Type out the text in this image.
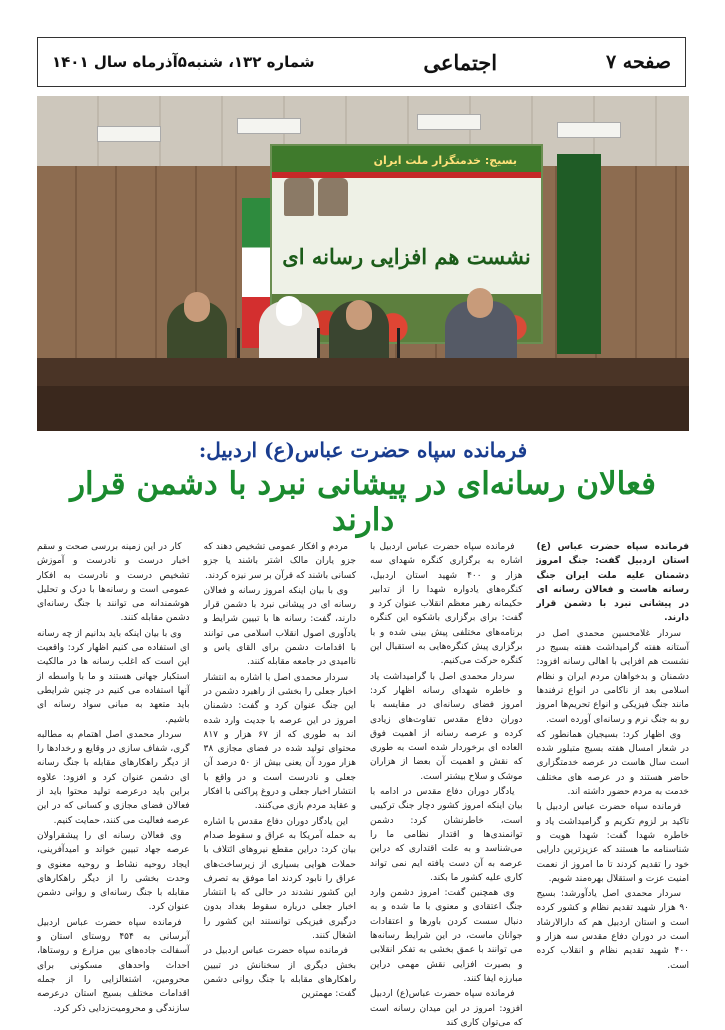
صفحه ۷
اجتماعی
شماره ۱۳۲، شنبه۵آذرماه سال ۱۴۰۱
بسیج: خدمتگزار ملت ایران
نشست هم افزایی رسانه ای
فرمانده سپاه حضرت عباس(ع) اردبیل:
فعالان رسانه‌ای در پیشانی نبرد با دشمن قرار دارند

فرمانده سپاه حضرت عباس (ع) استان اردبیل گفت: جنگ امروز دشمنان علیه ملت ایران جنگ رسانه هاست و فعالان رسانه ای در پیشانی نبرد با دشمن قرار دارند.

سردار غلامحسین محمدی اصل در آستانه هفته گرامیداشت هفته بسیج در نشست هم افزایی با اهالی رسانه افزود: دشمنان و بدخواهان مردم ایران و نظام اسلامی بعد از ناکامی در انواع ترفندها مانند جنگ فیزیکی و انواع تحریم‌ها امروز رو به جنگ نرم و رسانه‌ای آورده است.

وی اظهار کرد: بسیجیان همانطور که در شعار امسال هفته بسیج متبلور شده است سال هاست در عرصه خدمتگزاری حاضر هستند و در عرصه های مختلف خدمت به مردم حضور داشته اند.

فرمانده سپاه حضرت عباس اردبیل با تاکید بر لزوم تکریم و گرامیداشت یاد و خاطره شهدا گفت: شهدا هویت و شناسنامه ما هستند که عزیزترین دارایی خود را تقدیم کردند تا ما امروز از نعمت امنیت عزت و استقلال بهره‌مند شویم.

سردار محمدی اصل یادآورشد: بسیج ۹۰ هزار شهید تقدیم نظام و کشور کرده است و استان اردبیل هم که دارالارشاد است در دوران دفاع مقدس سه هزار و ۴۰۰ شهید تقدیم نظام و انقلاب کرده است.

فرمانده سپاه حضرت عباس اردبیل با اشاره به برگزاری کنگره شهدای سه هزار و ۴۰۰ شهید استان اردبیل، کنگره‌های یادواره شهدا را از تدابیر حکیمانه رهبر معظم انقلاب عنوان کرد و گفت: برای برگزاری باشکوه این کنگره برنامه‌های مختلفی پیش بینی شده و با برگزاری پیش کنگره‌هایی به استقبال این کنگره حرکت می‌کنیم.

سردار محمدی اصل با گرامیداشت یاد و خاطره شهدای رسانه اظهار کرد: امروز فضای رسانه‌ای در مقایسه با دوران دفاع مقدس تفاوت‌های زیادی کرده و عرصه رسانه از اهمیت فوق العاده ای برخوردار شده است به طوری که نقش و اهمیت آن بعضا از هزاران موشک و سلاح بیشتر است.

یادگار دوران دفاع مقدس در ادامه با بیان اینکه امروز کشور دچار جنگ ترکیبی است، خاطرنشان کرد: دشمن توانمندی‌ها و اقتدار نظامی ما را می‌شناسد و به علت اقتداری که دراین عرصه به آن دست یافته ایم نمی تواند کاری علیه کشور ما بکند.

وی همچنین گفت: امروز دشمن وارد جنگ اعتقادی و معنوی با ما شده و به دنبال سست کردن باورها و اعتقادات جوانان ماست، در این شرایط رسانه‌ها می توانند با عمق بخشی به تفکر انقلابی و بصیرت افزایی نقش مهمی دراین مبارزه ایفا کنند.

فرمانده سپاه حضرت عباس(ع) اردبیل افزود: امروز در این میدان رسانه است که می‌توان کاری کند

مردم و افکار عمومی تشخیص دهند که جزو یاران مالک اشتر باشند یا جزو کسانی باشند که قرآن بر سر نیزه کردند.

وی با بیان اینکه امروز رسانه و فعالان رسانه ای در پیشانی نبرد با دشمن قرار دارند، گفت: رسانه ها با تبیین شرایط و یادآوری اصول انقلاب اسلامی می توانند با اقدامات دشمن برای القای یاس و ناامیدی در جامعه مقابله کنند.

سردار محمدی اصل با اشاره به انتشار اخبار جعلی را بخشی از راهبرد دشمن در این جنگ عنوان کرد و گفت: دشمنان امروز در این عرصه با جدیت وارد شده اند به طوری که از ۶۷ هزار و ۸۱۷ محتوای تولید شده در فضای مجازی ۳۸ هزار مورد آن یعنی بیش از ۵۰ درصد آن جعلی و نادرست است و در واقع با انتشار اخبار جعلی و دروغ پراکنی با افکار و عقاید مردم بازی می‌کنند.

این یادگار دوران دفاع مقدس با اشاره به حمله آمریکا به عراق و سقوط صدام بیان کرد: دراین مقطع نیروهای ائتلاف با حملات هوایی بسیاری از زیرساخت‌های عراق را نابود کردند اما موفق به تصرف این کشور نشدند در حالی که با انتشار اخبار جعلی درباره سقوط بغداد بدون درگیری فیزیکی توانستند این کشور را اشغال کنند.

فرمانده سپاه حضرت عباس اردبیل در بخش دیگری از سخنانش در تبیین راهکارهای مقابله با جنگ روانی دشمن گفت: مهمترین

کار در این زمینه بررسی صحت و سقم اخبار درست و نادرست و آموزش تشخیص درست و نادرست به افکار عمومی است و رسانه‌ها با درک و تحلیل هوشمندانه می توانند با جنگ رسانه‌ای دشمن مقابله کنند.

وی با بیان اینکه باید بدانیم از چه رسانه ای استفاده می کنیم اظهار کرد: واقعیت این است که اغلب رسانه ها در مالکیت استکبار جهانی هستند و ما با واسطه از آنها استفاده می کنیم در چنین شرایطی باید متعهد به مبانی سواد رسانه ای باشیم.

سردار محمدی اصل اهتمام به مطالبه گری، شفاف سازی در وقایع و رخدادها را از دیگر راهکارهای مقابله با جنگ رسانه ای دشمن عنوان کرد و افزود: علاوه براین باید درعرصه تولید محتوا باید از فعالان فضای مجازی و کسانی که در این عرصه فعالیت می کنند، حمایت کنیم.

وی فعالان رسانه ای را پیشقراولان عرصه جهاد تبیین خواند و امیدآفرینی، ایجاد روحیه نشاط و روحیه معنوی و وحدت بخشی را از دیگر راهکارهای مقابله با جنگ رسانه‌ای و روانی دشمن عنوان کرد.

فرمانده سپاه حضرت عباس اردبیل آبرسانی به ۴۵۴ روستای استان و آسفالت جاده‌های بین مزارع و روستاها، احداث واحدهای مسکونی برای محرومین، اشتغالزایی را از جمله اقدامات مختلف بسیج استان درعرصه سازندگی و محرومیت‌زدایی ذکر کرد.
